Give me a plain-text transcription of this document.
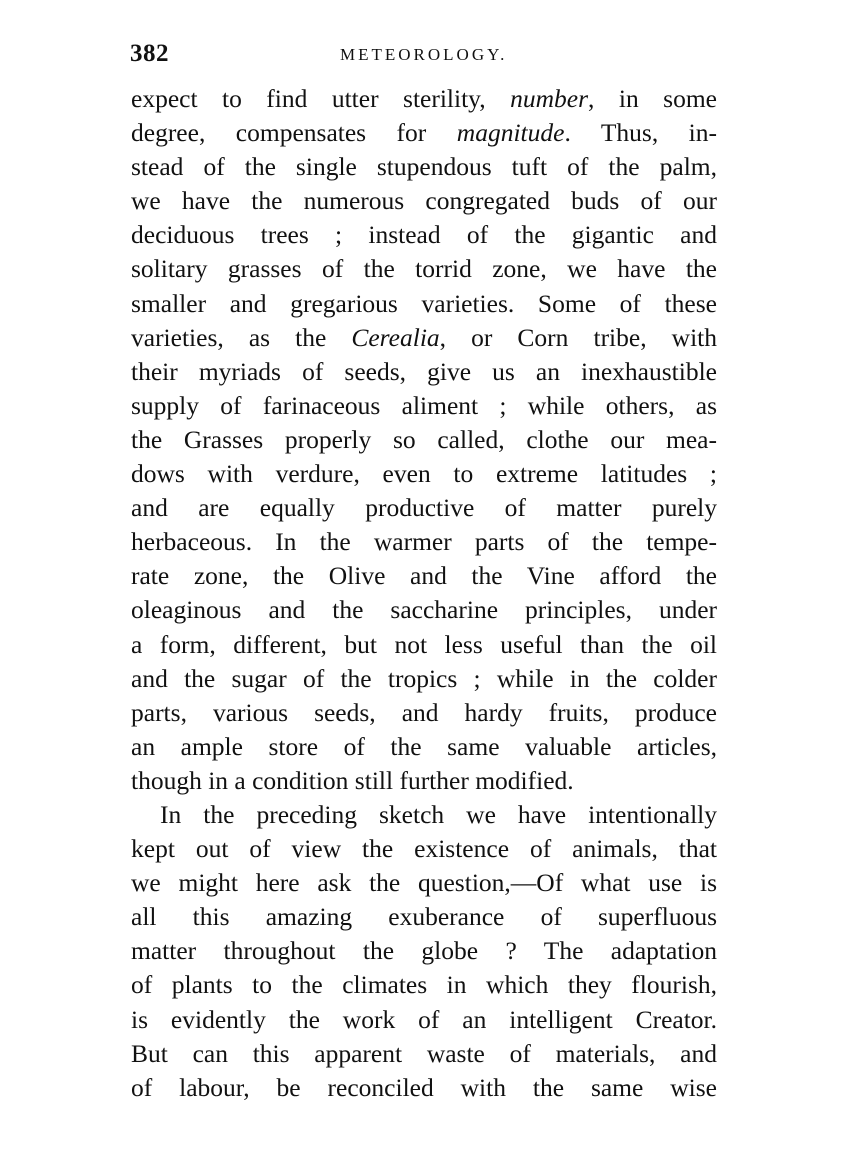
382	METEOROLOGY.
expect to find utter sterility, number, in some
degree, compensates for magnitude. Thus, in-
stead of the single stupendous tuft of the palm,
we have the numerous congregated buds of our
deciduous trees ; instead of the gigantic and
solitary grasses of the torrid zone, we have the
smaller and gregarious varieties. Some of these
varieties, as the Cerealia, or Corn tribe, with
their myriads of seeds, give us an inexhaustible
supply of farinaceous aliment ; while others, as
the Grasses properly so called, clothe our mea-
dows with verdure, even to extreme latitudes ;
and are equally productive of matter purely
herbaceous. In the warmer parts of the tempe-
rate zone, the Olive and the Vine afford the
oleaginous and the saccharine principles, under
a form, different, but not less useful than the oil
and the sugar of the tropics ; while in the colder
parts, various seeds, and hardy fruits, produce
an ample store of the same valuable articles,
though in a condition still further modified.
In the preceding sketch we have intentionally
kept out of view the existence of animals, that
we might here ask the question,—Of what use is
all this amazing exuberance of superfluous
matter throughout the globe ? The adaptation
of plants to the climates in which they flourish,
is evidently the work of an intelligent Creator.
But can this apparent waste of materials, and
of labour, be reconciled with the same wise
